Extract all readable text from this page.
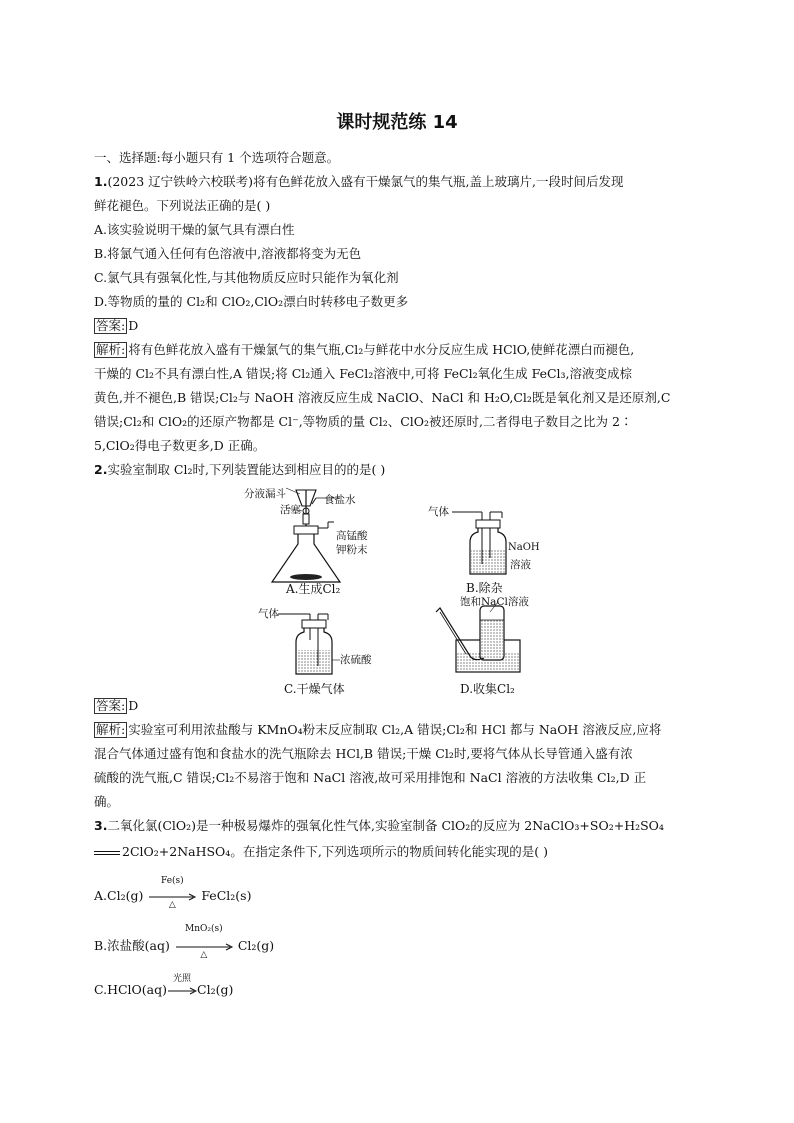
课时规范练 14
一、选择题:每小题只有 1 个选项符合题意。
1.(2023 辽宁铁岭六校联考)将有色鲜花放入盛有干燥氯气的集气瓶,盖上玻璃片,一段时间后发现
鲜花褪色。下列说法正确的是( )
A.该实验说明干燥的氯气具有漂白性
B.将氯气通入任何有色溶液中,溶液都将变为无色
C.氯气具有强氧化性,与其他物质反应时只能作为氧化剂
D.等物质的量的 Cl₂和 ClO₂,ClO₂漂白时转移电子数更多
答案: D
解析: 将有色鲜花放入盛有干燥氯气的集气瓶,Cl₂与鲜花中水分反应生成 HClO,使鲜花漂白而褪色,
干燥的 Cl₂不具有漂白性,A 错误;将 Cl₂通入 FeCl₂溶液中,可将 FeCl₂氧化生成 FeCl₃,溶液变成棕
黄色,并不褪色,B 错误;Cl₂与 NaOH 溶液反应生成 NaClO、NaCl 和 H₂O,Cl₂既是氧化剂又是还原剂,C
错误;Cl₂和 ClO₂的还原产物都是 Cl⁻,等物质的量 Cl₂、ClO₂被还原时,二者得电子数目之比为 2∶
5,ClO₂得电子数更多,D 正确。
2.实验室制取 Cl₂时,下列装置能达到相应目的的是( )
分液漏斗
活塞
食盐水
高锰酸
钾粉末
A.生成Cl₂
气体
NaOH
溶液
B.除杂
气体
浓硫酸
C.干燥气体
饱和NaCl溶液
D.收集Cl₂
答案: D
解析: 实验室可利用浓盐酸与 KMnO₄粉末反应制取 Cl₂,A 错误;Cl₂和 HCl 都与 NaOH 溶液反应,应将
混合气体通过盛有饱和食盐水的洗气瓶除去 HCl,B 错误;干燥 Cl₂时,要将气体从长导管通入盛有浓
硫酸的洗气瓶,C 错误;Cl₂不易溶于饱和 NaCl 溶液,故可采用排饱和 NaCl 溶液的方法收集 Cl₂,D 正
确。
3.二氧化氯(ClO₂)是一种极易爆炸的强氧化性气体,实验室制备 ClO₂的反应为 2NaClO₃+SO₂+H₂SO₄
2ClO₂+2NaHSO₄。在指定条件下,下列选项所示的物质间转化能实现的是( )
A.Cl₂(g)
Fe(s)
△
FeCl₂(s)
B.浓盐酸(aq)
MnO₂(s)
△
Cl₂(g)
C.HClO(aq)
光照
Cl₂(g)
